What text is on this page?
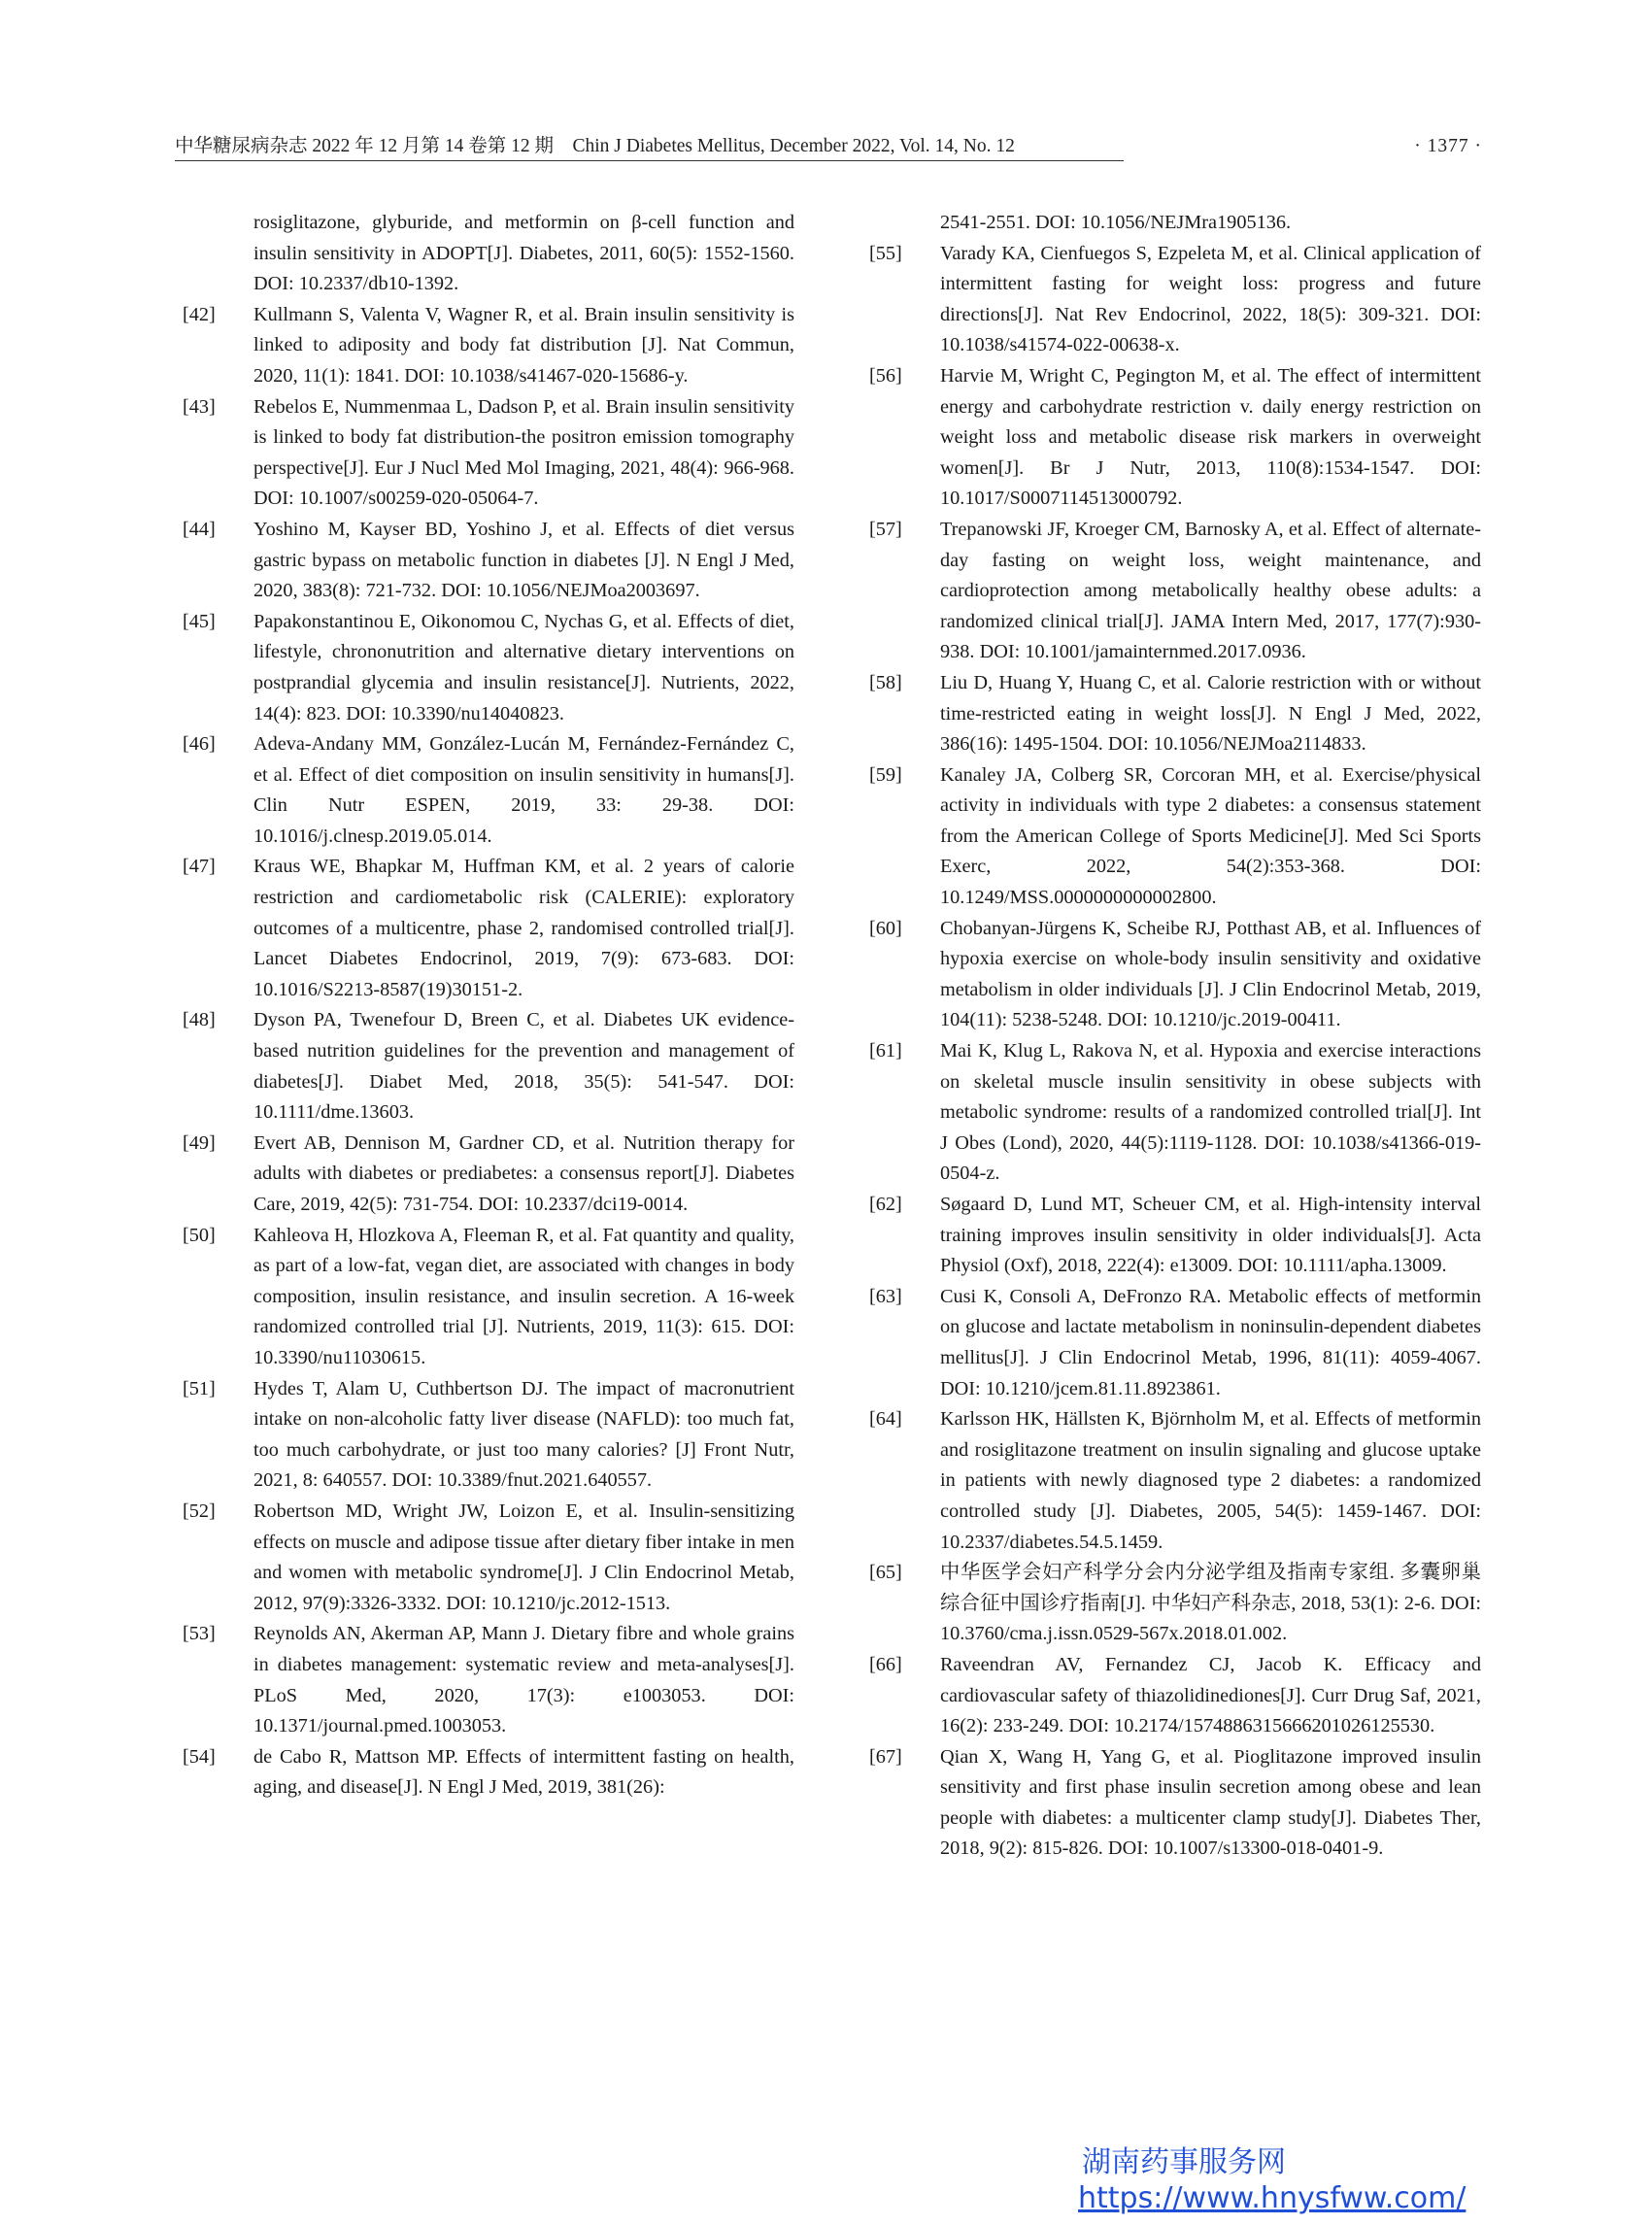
中华糖尿病杂志 2022 年 12 月第 14 卷第 12 期　Chin J Diabetes Mellitus, December 2022, Vol. 14, No. 12	· 1377 ·
rosiglitazone, glyburide, and metformin on β-cell function and insulin sensitivity in ADOPT[J]. Diabetes, 2011, 60(5): 1552-1560. DOI: 10.2337/db10-1392.
[42] Kullmann S, Valenta V, Wagner R, et al. Brain insulin sensitivity is linked to adiposity and body fat distribution [J]. Nat Commun, 2020, 11(1): 1841. DOI: 10.1038/s41467-020-15686-y.
[43] Rebelos E, Nummenmaa L, Dadson P, et al. Brain insulin sensitivity is linked to body fat distribution-the positron emission tomography perspective[J]. Eur J Nucl Med Mol Imaging, 2021, 48(4): 966-968. DOI: 10.1007/s00259-020-05064-7.
[44] Yoshino M, Kayser BD, Yoshino J, et al. Effects of diet versus gastric bypass on metabolic function in diabetes [J]. N Engl J Med, 2020, 383(8): 721-732. DOI: 10.1056/NEJMoa2003697.
[45] Papakonstantinou E, Oikonomou C, Nychas G, et al. Effects of diet, lifestyle, chrononutrition and alternative dietary interventions on postprandial glycemia and insulin resistance[J]. Nutrients, 2022, 14(4): 823. DOI: 10.3390/nu14040823.
[46] Adeva-Andany MM, González-Lucán M, Fernández-Fernández C, et al. Effect of diet composition on insulin sensitivity in humans[J]. Clin Nutr ESPEN, 2019, 33: 29-38. DOI: 10.1016/j.clnesp.2019.05.014.
[47] Kraus WE, Bhapkar M, Huffman KM, et al. 2 years of calorie restriction and cardiometabolic risk (CALERIE): exploratory outcomes of a multicentre, phase 2, randomised controlled trial[J]. Lancet Diabetes Endocrinol, 2019, 7(9): 673-683. DOI: 10.1016/S2213-8587(19)30151-2.
[48] Dyson PA, Twenefour D, Breen C, et al. Diabetes UK evidence-based nutrition guidelines for the prevention and management of diabetes[J]. Diabet Med, 2018, 35(5): 541-547. DOI: 10.1111/dme.13603.
[49] Evert AB, Dennison M, Gardner CD, et al. Nutrition therapy for adults with diabetes or prediabetes: a consensus report[J]. Diabetes Care, 2019, 42(5): 731-754. DOI: 10.2337/dci19-0014.
[50] Kahleova H, Hlozkova A, Fleeman R, et al. Fat quantity and quality, as part of a low-fat, vegan diet, are associated with changes in body composition, insulin resistance, and insulin secretion. A 16-week randomized controlled trial [J]. Nutrients, 2019, 11(3): 615. DOI: 10.3390/nu11030615.
[51] Hydes T, Alam U, Cuthbertson DJ. The impact of macronutrient intake on non-alcoholic fatty liver disease (NAFLD): too much fat, too much carbohydrate, or just too many calories? [J] Front Nutr, 2021, 8: 640557. DOI: 10.3389/fnut.2021.640557.
[52] Robertson MD, Wright JW, Loizon E, et al. Insulin-sensitizing effects on muscle and adipose tissue after dietary fiber intake in men and women with metabolic syndrome[J]. J Clin Endocrinol Metab, 2012, 97(9):3326-3332. DOI: 10.1210/jc.2012-1513.
[53] Reynolds AN, Akerman AP, Mann J. Dietary fibre and whole grains in diabetes management: systematic review and meta-analyses[J]. PLoS Med, 2020, 17(3): e1003053. DOI: 10.1371/journal.pmed.1003053.
[54] de Cabo R, Mattson MP. Effects of intermittent fasting on health, aging, and disease[J]. N Engl J Med, 2019, 381(26):
2541-2551. DOI: 10.1056/NEJMra1905136.
[55] Varady KA, Cienfuegos S, Ezpeleta M, et al. Clinical application of intermittent fasting for weight loss: progress and future directions[J]. Nat Rev Endocrinol, 2022, 18(5): 309-321. DOI: 10.1038/s41574-022-00638-x.
[56] Harvie M, Wright C, Pegington M, et al. The effect of intermittent energy and carbohydrate restriction v. daily energy restriction on weight loss and metabolic disease risk markers in overweight women[J]. Br J Nutr, 2013, 110(8):1534-1547. DOI: 10.1017/S0007114513000792.
[57] Trepanowski JF, Kroeger CM, Barnosky A, et al. Effect of alternate-day fasting on weight loss, weight maintenance, and cardioprotection among metabolically healthy obese adults: a randomized clinical trial[J]. JAMA Intern Med, 2017, 177(7):930-938. DOI: 10.1001/jamainternmed.2017.0936.
[58] Liu D, Huang Y, Huang C, et al. Calorie restriction with or without time-restricted eating in weight loss[J]. N Engl J Med, 2022, 386(16): 1495-1504. DOI: 10.1056/NEJMoa2114833.
[59] Kanaley JA, Colberg SR, Corcoran MH, et al. Exercise/physical activity in individuals with type 2 diabetes: a consensus statement from the American College of Sports Medicine[J]. Med Sci Sports Exerc, 2022, 54(2):353-368. DOI: 10.1249/MSS.0000000000002800.
[60] Chobanyan-Jürgens K, Scheibe RJ, Potthast AB, et al. Influences of hypoxia exercise on whole-body insulin sensitivity and oxidative metabolism in older individuals [J]. J Clin Endocrinol Metab, 2019, 104(11): 5238-5248. DOI: 10.1210/jc.2019-00411.
[61] Mai K, Klug L, Rakova N, et al. Hypoxia and exercise interactions on skeletal muscle insulin sensitivity in obese subjects with metabolic syndrome: results of a randomized controlled trial[J]. Int J Obes (Lond), 2020, 44(5):1119-1128. DOI: 10.1038/s41366-019-0504-z.
[62] Søgaard D, Lund MT, Scheuer CM, et al. High-intensity interval training improves insulin sensitivity in older individuals[J]. Acta Physiol (Oxf), 2018, 222(4): e13009. DOI: 10.1111/apha.13009.
[63] Cusi K, Consoli A, DeFronzo RA. Metabolic effects of metformin on glucose and lactate metabolism in noninsulin-dependent diabetes mellitus[J]. J Clin Endocrinol Metab, 1996, 81(11): 4059-4067. DOI: 10.1210/jcem.81.11.8923861.
[64] Karlsson HK, Hällsten K, Björnholm M, et al. Effects of metformin and rosiglitazone treatment on insulin signaling and glucose uptake in patients with newly diagnosed type 2 diabetes: a randomized controlled study [J]. Diabetes, 2005, 54(5): 1459-1467. DOI: 10.2337/diabetes.54.5.1459.
[65] 中华医学会妇产科学分会内分泌学组及指南专家组. 多囊卵巢综合征中国诊疗指南[J]. 中华妇产科杂志, 2018, 53(1): 2-6. DOI: 10.3760/cma.j.issn.0529-567x.2018.01.002.
[66] Raveendran AV, Fernandez CJ, Jacob K. Efficacy and cardiovascular safety of thiazolidinediones[J]. Curr Drug Saf, 2021, 16(2): 233-249. DOI: 10.2174/1574886315666201026125530.
[67] Qian X, Wang H, Yang G, et al. Pioglitazone improved insulin sensitivity and first phase insulin secretion among obese and lean people with diabetes: a multicenter clamp study[J]. Diabetes Ther, 2018, 9(2): 815-826. DOI: 10.1007/s13300-018-0401-9.
湖南药事服务网
https://www.hnysfww.com/
